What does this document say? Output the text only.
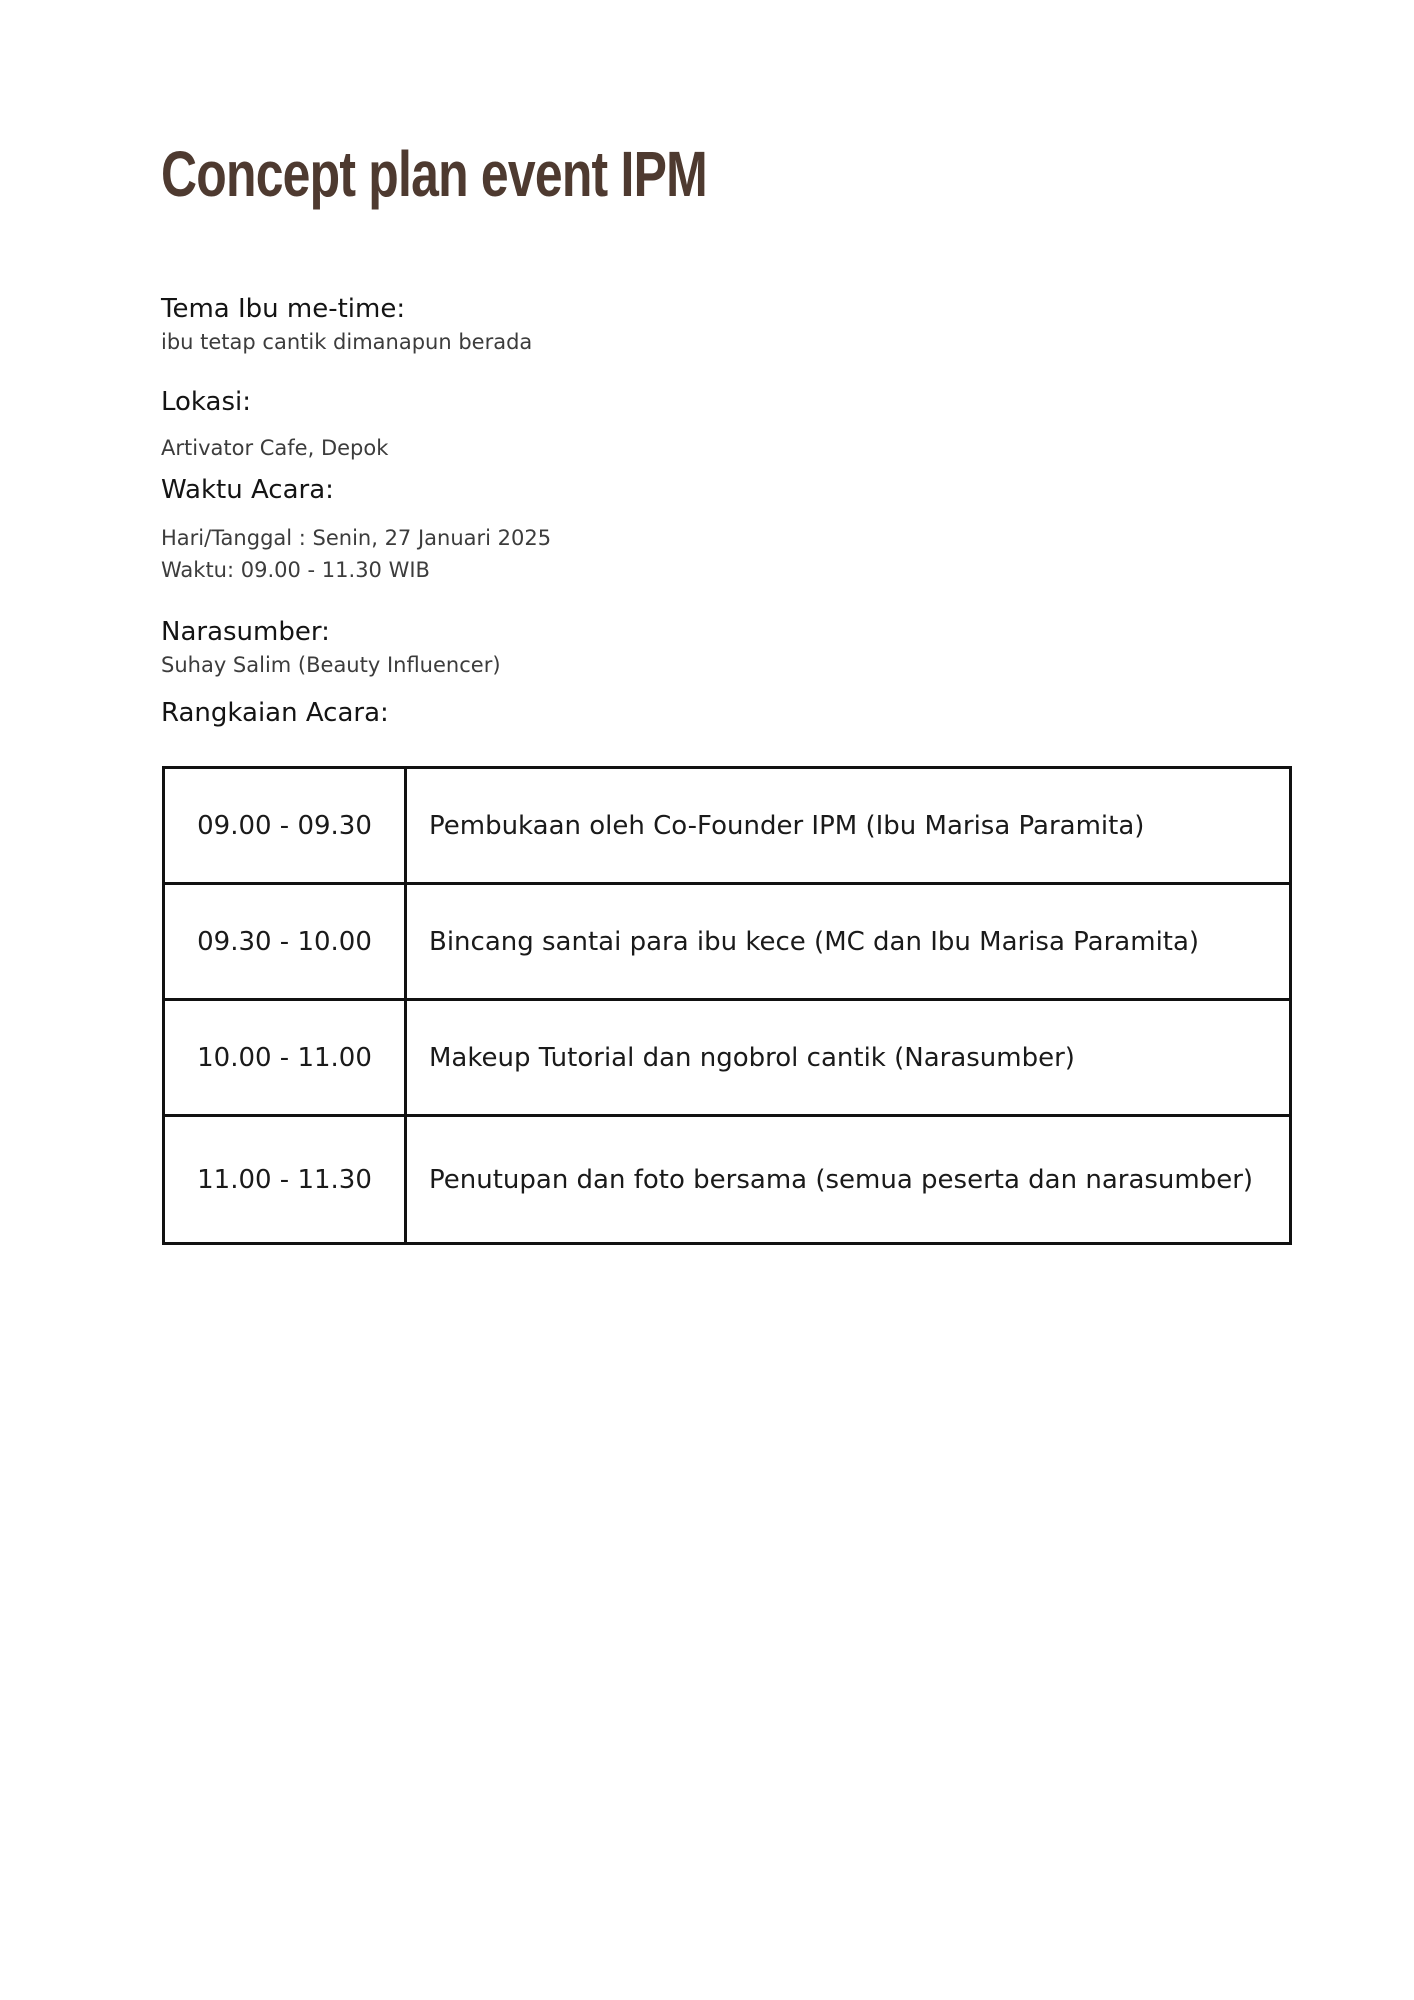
Concept plan event IPM
Tema Ibu me-time:
ibu tetap cantik dimanapun berada
Lokasi:
Artivator Cafe, Depok
Waktu Acara:
Hari/Tanggal : Senin, 27 Januari 2025
Waktu: 09.00 - 11.30 WIB
Narasumber:
Suhay Salim (Beauty Influencer)
Rangkaian Acara:
09.00 - 09.30	Pembukaan oleh Co-Founder IPM (Ibu Marisa Paramita)
09.30 - 10.00	Bincang santai para ibu kece (MC dan Ibu Marisa Paramita)
10.00 - 11.00	Makeup Tutorial dan ngobrol cantik (Narasumber)
11.00 - 11.30	Penutupan dan foto bersama (semua peserta dan narasumber)
